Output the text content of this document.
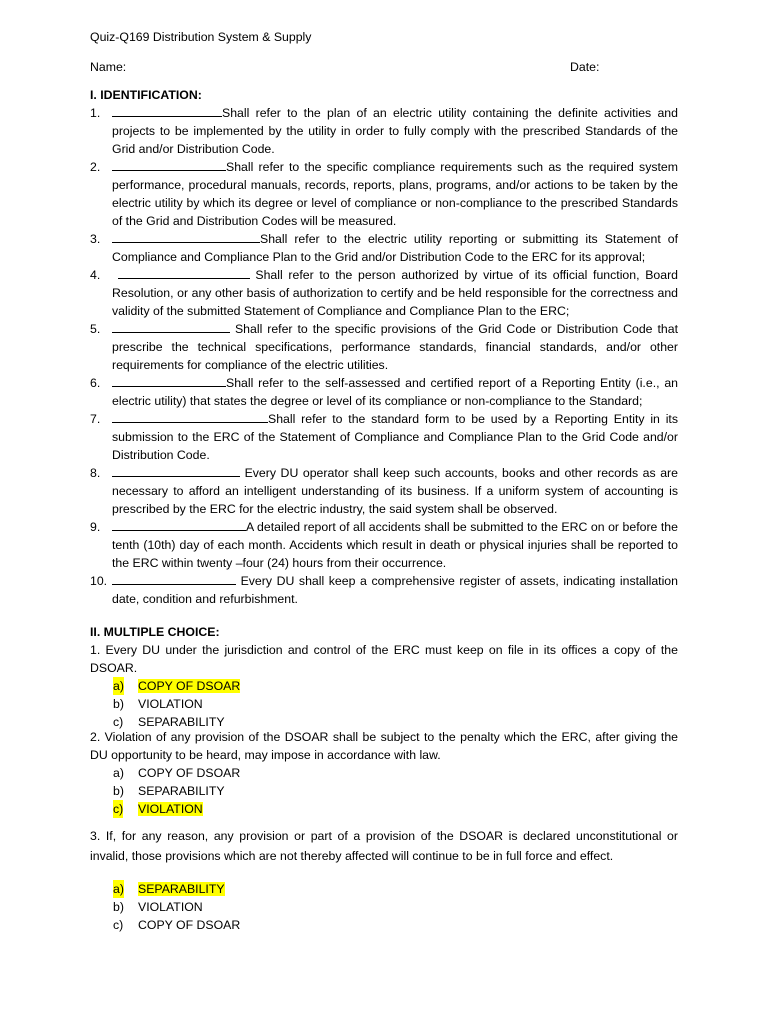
Quiz-Q169 Distribution System & Supply
Name:	Date:
I. IDENTIFICATION:
1.	Shall refer to the plan of an electric utility containing the definite activities and projects to be implemented by the utility in order to fully comply with the prescribed Standards of the Grid and/or Distribution Code.
2.	Shall refer to the specific compliance requirements such as the required system performance, procedural manuals, records, reports, plans, programs, and/or actions to be taken by the electric utility by which its degree or level of compliance or non-compliance to the prescribed Standards of the Grid and Distribution Codes will be measured.
3.	Shall refer to the electric utility reporting or submitting its Statement of Compliance and Compliance Plan to the Grid and/or Distribution Code to the ERC for its approval;
4.	Shall refer to the person authorized by virtue of its official function, Board Resolution, or any other basis of authorization to certify and be held responsible for the correctness and validity of the submitted Statement of Compliance and Compliance Plan to the ERC;
5.	Shall refer to the specific provisions of the Grid Code or Distribution Code that prescribe the technical specifications, performance standards, financial standards, and/or other requirements for compliance of the electric utilities.
6.	Shall refer to the self-assessed and certified report of a Reporting Entity (i.e., an electric utility) that states the degree or level of its compliance or non-compliance to the Standard;
7.	Shall refer to the standard form to be used by a Reporting Entity in its submission to the ERC of the Statement of Compliance and Compliance Plan to the Grid Code and/or Distribution Code.
8.	Every DU operator shall keep such accounts, books and other records as are necessary to afford an intelligent understanding of its business. If a uniform system of accounting is prescribed by the ERC for the electric industry, the said system shall be observed.
9.	A detailed report of all accidents shall be submitted to the ERC on or before the tenth (10th) day of each month. Accidents which result in death or physical injuries shall be reported to the ERC within twenty –four (24) hours from their occurrence.
10.	Every DU shall keep a comprehensive register of assets, indicating installation date, condition and refurbishment.
II. MULTIPLE CHOICE:
1. Every DU under the jurisdiction and control of the ERC must keep on file in its offices a copy of the DSOAR.
a) COPY OF DSOAR
b) VIOLATION
c) SEPARABILITY
2. Violation of any provision of the DSOAR shall be subject to the penalty which the ERC, after giving the DU opportunity to be heard, may impose in accordance with law.
a) COPY OF DSOAR
b) SEPARABILITY
c) VIOLATION
3. If, for any reason, any provision or part of a provision of the DSOAR is declared unconstitutional or invalid, those provisions which are not thereby affected will continue to be in full force and effect.
a) SEPARABILITY
b) VIOLATION
c) COPY OF DSOAR
